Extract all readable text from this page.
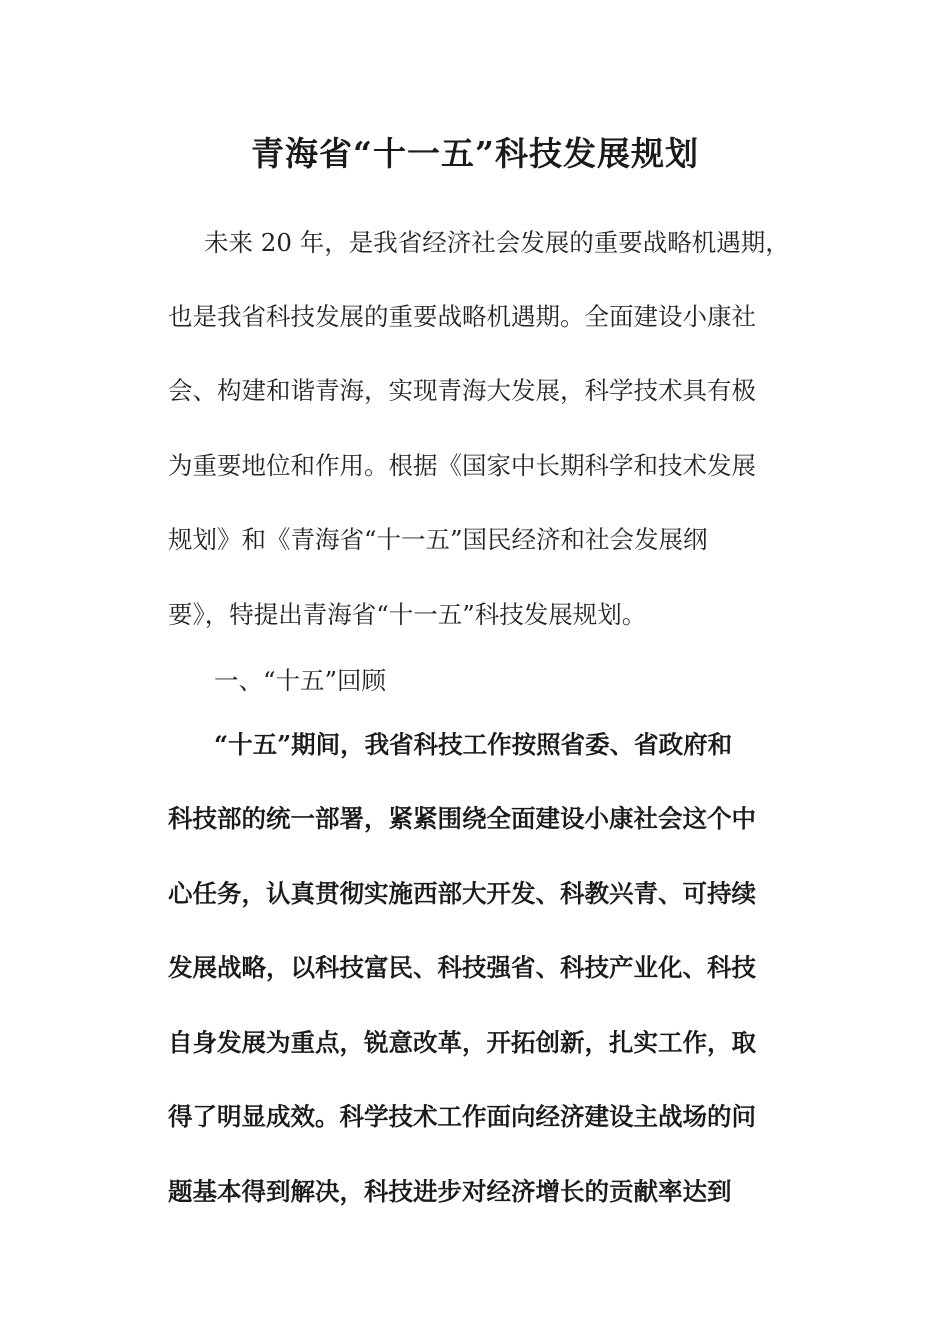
青海省“十一五”科技发展规划

未来 20 年，是我省经济社会发展的重要战略机遇期，

也是我省科技发展的重要战略机遇期。全面建设小康社

会、构建和谐青海，实现青海大发展，科学技术具有极

为重要地位和作用。根据《国家中长期科学和技术发展

规划》和《青海省“十一五”国民经济和社会发展纲

要》，特提出青海省“十一五”科技发展规划。

一、“十五”回顾

“十五”期间，我省科技工作按照省委、省政府和

科技部的统一部署，紧紧围绕全面建设小康社会这个中

心任务，认真贯彻实施西部大开发、科教兴青、可持续

发展战略，以科技富民、科技强省、科技产业化、科技

自身发展为重点，锐意改革，开拓创新，扎实工作，取

得了明显成效。科学技术工作面向经济建设主战场的问

题基本得到解决，科技进步对经济增长的贡献率达到
